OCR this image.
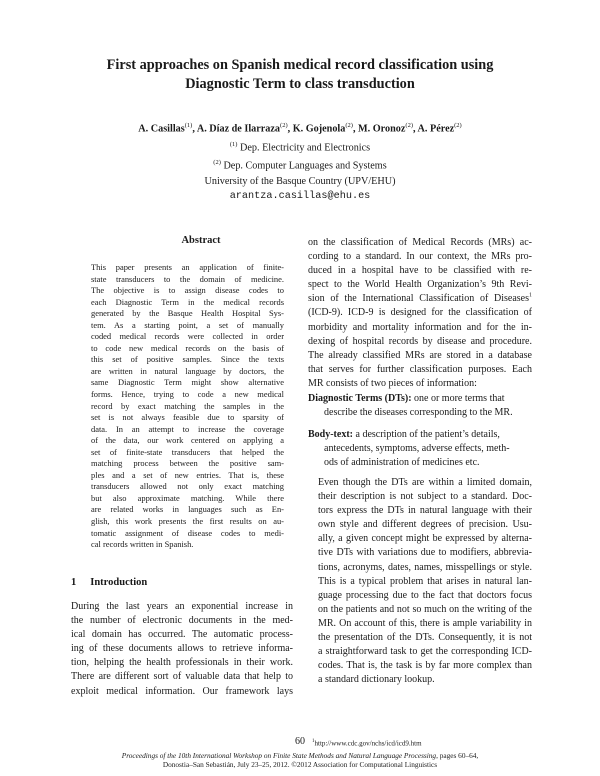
First approaches on Spanish medical record classification using
Diagnostic Term to class transduction
A. Casillas$^{(1)}$, A. Díaz de Ilarraza$^{(2)}$, K. Gojenola$^{(2)}$, M. Oronoz$^{(2)}$, A. Pérez$^{(2)}$
$^{(1)}$ Dep. Electricity and Electronics
$^{(2)}$ Dep. Computer Languages and Systems
University of the Basque Country (UPV/EHU)
arantza.casillas@ehu.es
Abstract
This paper presents an application of finite-
state transducers to the domain of medicine.
The objective is to assign disease codes to
each Diagnostic Term in the medical records
generated by the Basque Health Hospital Sys-
tem. As a starting point, a set of manually
coded medical records were collected in order
to code new medical records on the basis of
this set of positive samples. Since the texts
are written in natural language by doctors, the
same Diagnostic Term might show alternative
forms. Hence, trying to code a new medical
record by exact matching the samples in the
set is not always feasible due to sparsity of
data. In an attempt to increase the coverage
of the data, our work centered on applying a
set of finite-state transducers that helped the
matching process between the positive sam-
ples and a set of new entries. That is, these
transducers allowed not only exact matching
but also approximate matching. While there
are related works in languages such as En-
glish, this work presents the first results on au-
tomatic assignment of disease codes to medi-
cal records written in Spanish.
1 Introduction
During the last years an exponential increase in
the number of electronic documents in the med-
ical domain has occurred. The automatic process-
ing of these documents allows to retrieve informa-
tion, helping the health professionals in their work.
There are different sort of valuable data that help to
exploit medical information. Our framework lays
on the classification of Medical Records (MRs) ac-
cording to a standard. In our context, the MRs pro-
duced in a hospital have to be classified with re-
spect to the World Health Organization’s 9th Revi-
sion of the International Classification of Diseases$^1$
(ICD-9). ICD-9 is designed for the classification of
morbidity and mortality information and for the in-
dexing of hospital records by disease and procedure.
The already classified MRs are stored in a database
that serves for further classification purposes. Each
MR consists of two pieces of information:
Diagnostic Terms (DTs): one or more terms that
describe the diseases corresponding to the MR.
Body-text: a description of the patient’s details,
antecedents, symptoms, adverse effects, meth-
ods of administration of medicines etc.
Even though the DTs are within a limited domain,
their description is not subject to a standard. Doc-
tors express the DTs in natural language with their
own style and different degrees of precision. Usu-
ally, a given concept might be expressed by alterna-
tive DTs with variations due to modifiers, abbrevia-
tions, acronyms, dates, names, misspellings or style.
This is a typical problem that arises in natural lan-
guage processing due to the fact that doctors focus
on the patients and not so much on the writing of the
MR. On account of this, there is ample variability in
the presentation of the DTs. Consequently, it is not
a straightforward task to get the corresponding ICD-
codes. That is, the task is by far more complex than
a standard dictionary lookup.
$^1$http://www.cdc.gov/nchs/icd/icd9.htm
60
Proceedings of the 10th International Workshop on Finite State Methods and Natural Language Processing, pages 60–64,
Donostia–San Sebastián, July 23–25, 2012. ©2012 Association for Computational Linguistics
